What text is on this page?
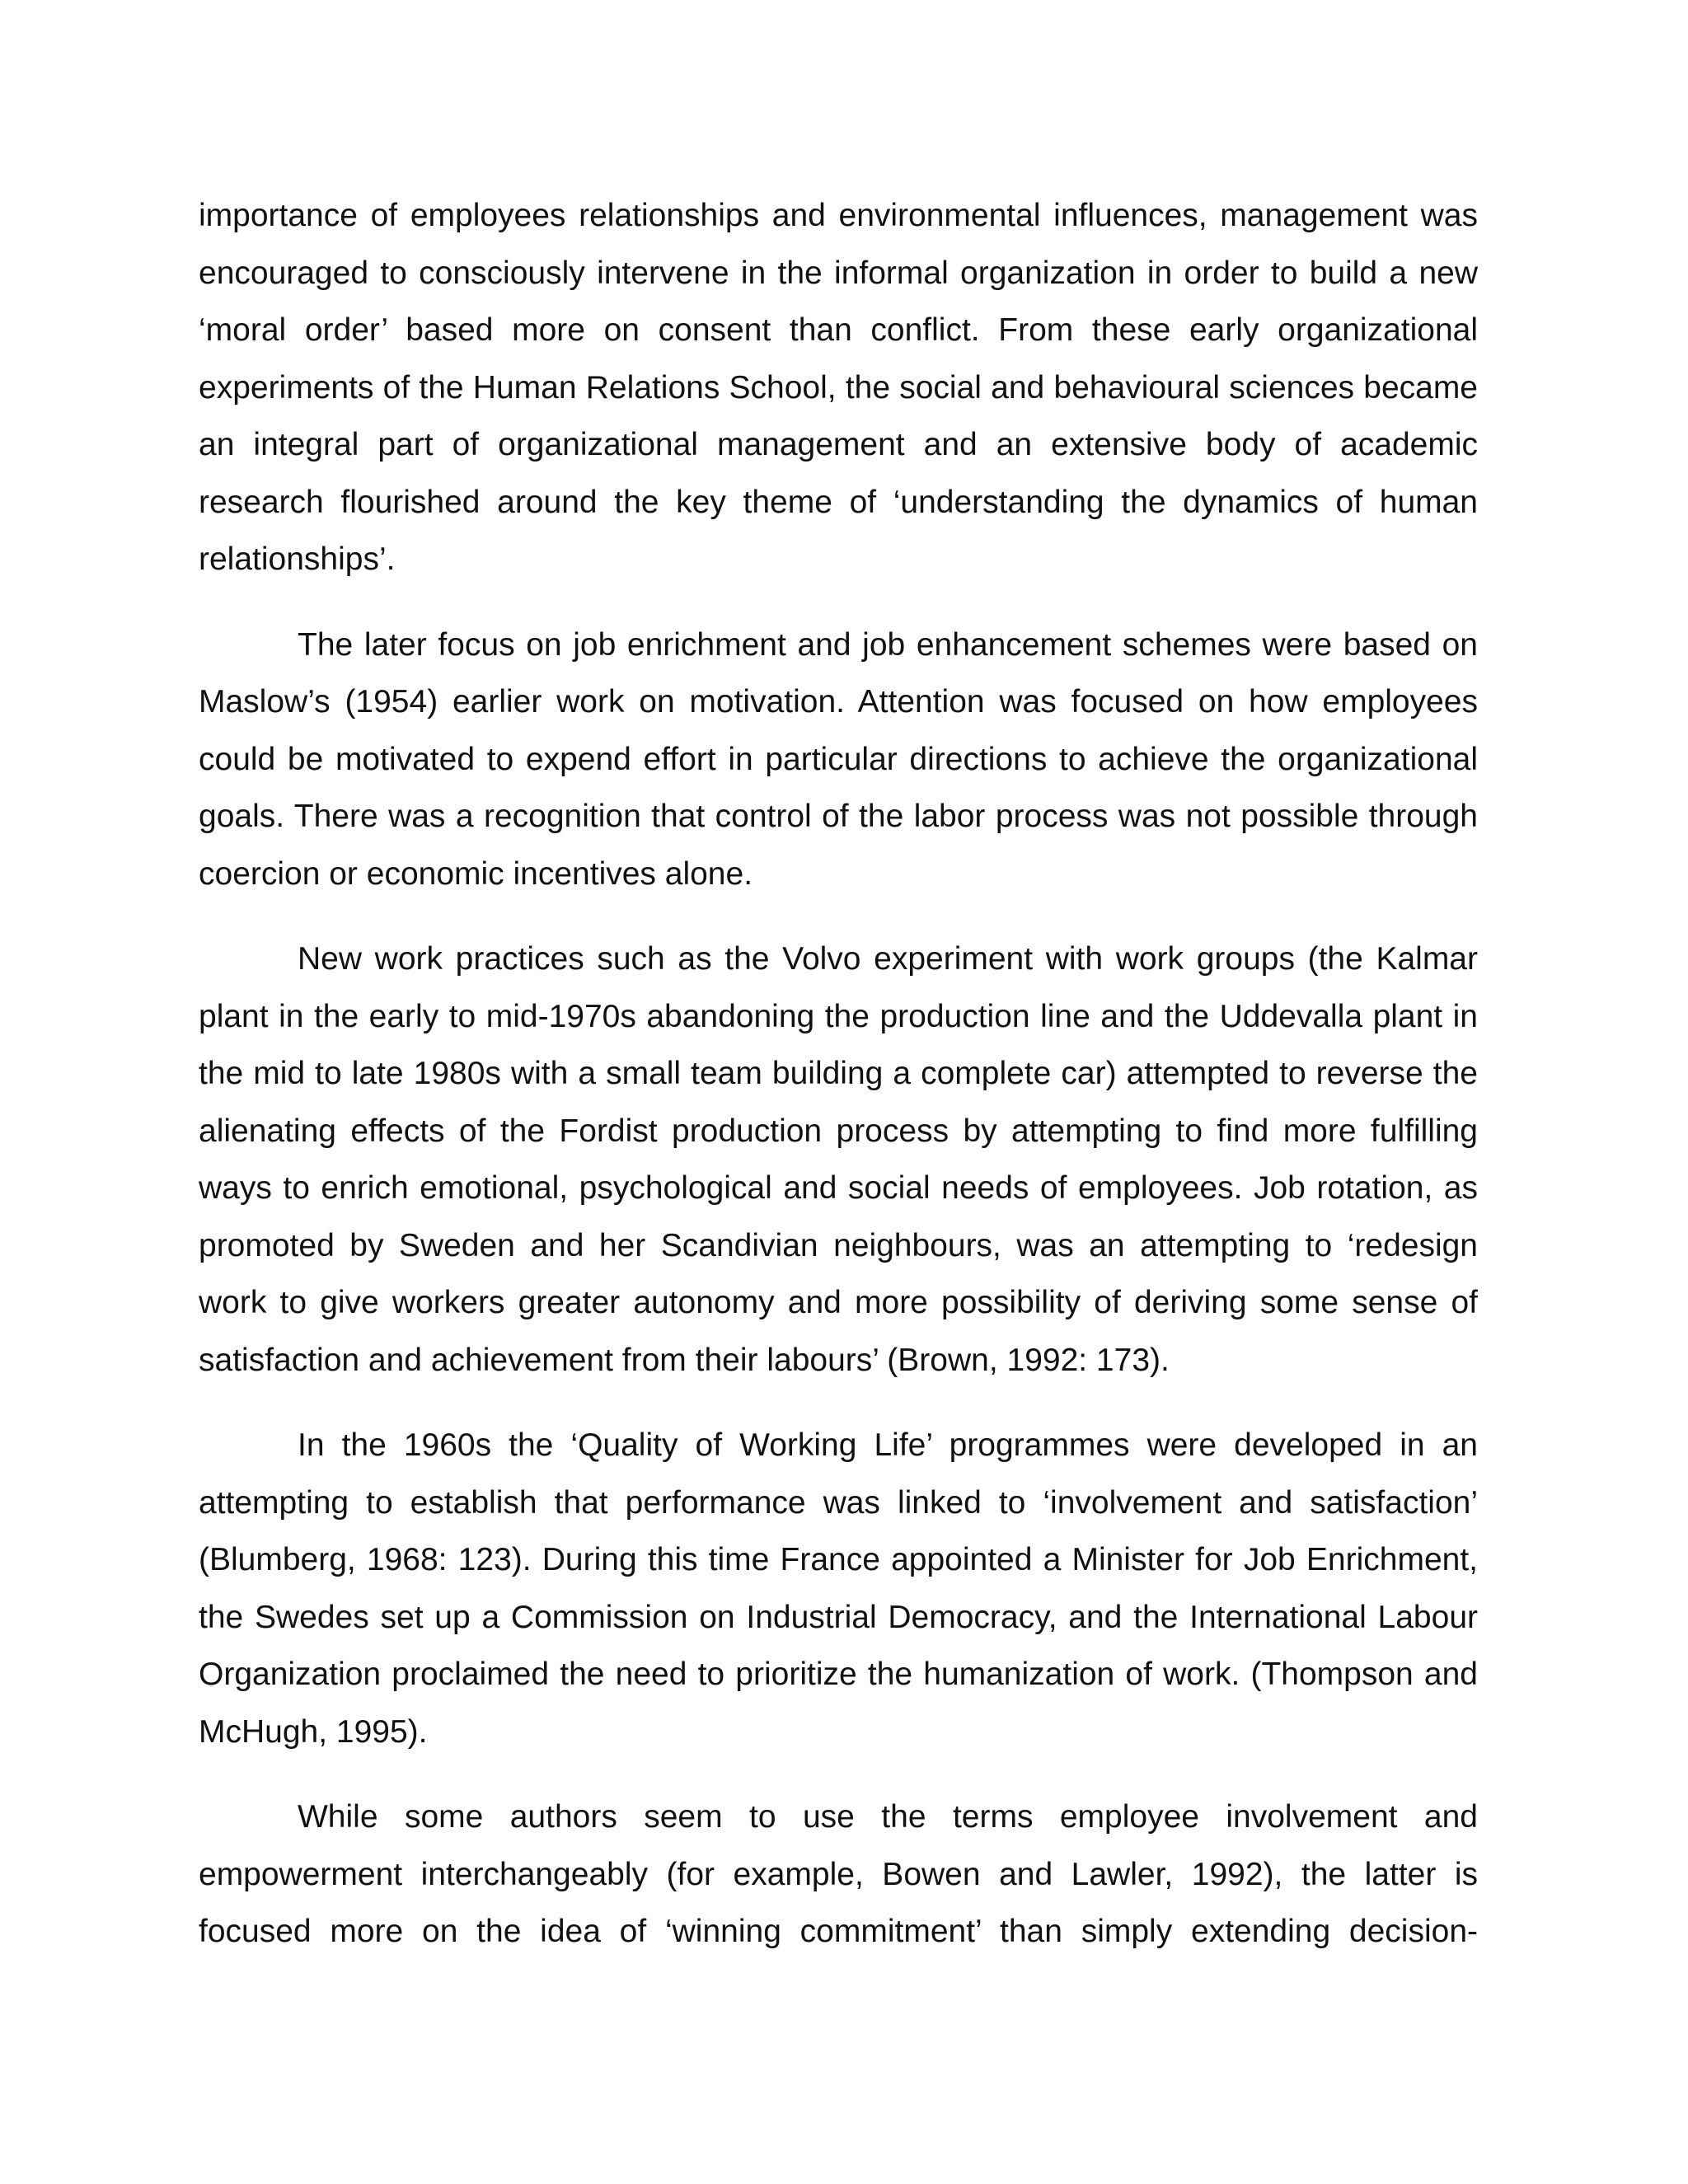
importance of employees relationships and environmental influences, management was encouraged to consciously intervene in the informal organization in order to build a new ‘moral order’ based more on consent than conflict. From these early organizational experiments of the Human Relations School, the social and behavioural sciences became an integral part of organizational management and an extensive body of academic research flourished around the key theme of ‘understanding the dynamics of human relationships’.

The later focus on job enrichment and job enhancement schemes were based on Maslow’s (1954) earlier work on motivation. Attention was focused on how employees could be motivated to expend effort in particular directions to achieve the organizational goals. There was a recognition that control of the labor process was not possible through coercion or economic incentives alone.

New work practices such as the Volvo experiment with work groups (the Kalmar plant in the early to mid-1970s abandoning the production line and the Uddevalla plant in the mid to late 1980s with a small team building a complete car) attempted to reverse the alienating effects of the Fordist production process by attempting to find more fulfilling ways to enrich emotional, psychological and social needs of employees. Job rotation, as promoted by Sweden and her Scandivian neighbours, was an attempting to ‘redesign work to give workers greater autonomy and more possibility of deriving some sense of satisfaction and achievement from their labours’ (Brown, 1992: 173).

In the 1960s the ‘Quality of Working Life’ programmes were developed in an attempting to establish that performance was linked to ‘involvement and satisfaction’ (Blumberg, 1968: 123). During this time France appointed a Minister for Job Enrichment, the Swedes set up a Commission on Industrial Democracy, and the International Labour Organization proclaimed the need to prioritize the humanization of work. (Thompson and McHugh, 1995).

While some authors seem to use the terms employee involvement and empowerment interchangeably (for example, Bowen and Lawler, 1992), the latter is focused more on the idea of ‘winning commitment’ than simply extending decision-
